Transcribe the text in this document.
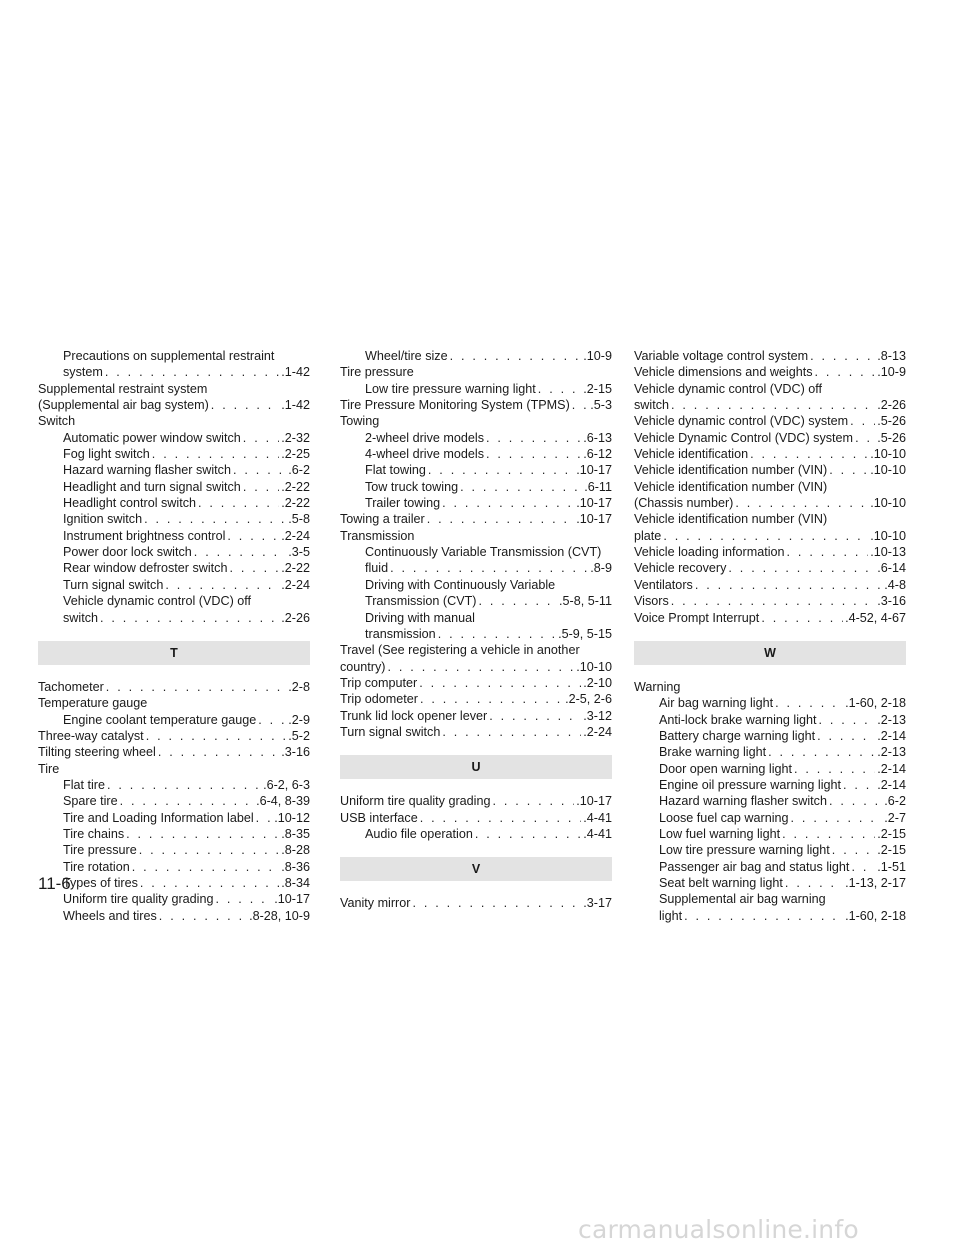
Precautions on supplemental restraint
system . . .	.1-42
Supplemental restraint system
(Supplemental air bag system) . . .	.1-42
Switch
Automatic power window switch . . .	.2-32
Fog light switch . . .	.2-25
Hazard warning flasher switch . . .	.6-2
Headlight and turn signal switch . . .	.2-22
Headlight control switch . . .	.2-22
Ignition switch . . .	.5-8
Instrument brightness control . . .	.2-24
Power door lock switch . . .	.3-5
Rear window defroster switch . . .	.2-22
Turn signal switch . . .	.2-24
Vehicle dynamic control (VDC) off
switch . . .	.2-26
T
Tachometer . . .	.2-8
Temperature gauge
Engine coolant temperature gauge . . .	.2-9
Three-way catalyst . . .	.5-2
Tilting steering wheel . . .	.3-16
Tire
Flat tire . . .	.6-2, 6-3
Spare tire . . .	.6-4, 8-39
Tire and Loading Information label . . . .10-12
Tire chains . . .	.8-35
Tire pressure . . .	.8-28
Tire rotation . . .	.8-36
Types of tires . . .	.8-34
Uniform tire quality grading . . .	.10-17
Wheels and tires . . .	.8-28, 10-9
Wheel/tire size . . .	.10-9
Tire pressure
Low tire pressure warning light . . .	.2-15
Tire Pressure Monitoring System (TPMS) . . . .5-3
Towing
2-wheel drive models . . .	.6-13
4-wheel drive models . . .	.6-12
Flat towing . . .	.10-17
Tow truck towing . . .	.6-11
Trailer towing . . .	.10-17
Towing a trailer . . .	.10-17
Transmission
Continuously Variable Transmission (CVT)
fluid . . .	.8-9
Driving with Continuously Variable
Transmission (CVT) . . .	.5-8, 5-11
Driving with manual
transmission . . .	.5-9, 5-15
Travel (See registering a vehicle in another
country) . . .	.10-10
Trip computer . . .	.2-10
Trip odometer . . .	.2-5, 2-6
Trunk lid lock opener lever . . .	.3-12
Turn signal switch . . .	.2-24
U
Uniform tire quality grading . . .	.10-17
USB interface . . .	.4-41
Audio file operation . . .	.4-41
V
Vanity mirror . . .	.3-17
Variable voltage control system . . .	.8-13
Vehicle dimensions and weights . . .	.10-9
Vehicle dynamic control (VDC) off
switch . . .	.2-26
Vehicle dynamic control (VDC) system . . . .5-26
Vehicle Dynamic Control (VDC) system . . . .5-26
Vehicle identification . . .	.10-10
Vehicle identification number (VIN) . . .	.10-10
Vehicle identification number (VIN)
(Chassis number) . . .	.10-10
Vehicle identification number (VIN)
plate . . .	.10-10
Vehicle loading information . . .	.10-13
Vehicle recovery . . .	.6-14
Ventilators . . .	.4-8
Visors . . .	.3-16
Voice Prompt Interrupt . . .	.4-52, 4-67
W
Warning
Air bag warning light . . .	.1-60, 2-18
Anti-lock brake warning light . . .	.2-13
Battery charge warning light . . .	.2-14
Brake warning light . . .	.2-13
Door open warning light . . .	.2-14
Engine oil pressure warning light . . .	.2-14
Hazard warning flasher switch . . .	.6-2
Loose fuel cap warning . . .	.2-7
Low fuel warning light . . .	.2-15
Low tire pressure warning light . . .	.2-15
Passenger air bag and status light . . . .1-51
Seat belt warning light . . .	.1-13, 2-17
Supplemental air bag warning
light . . .	.1-60, 2-18
11-6
carmanualsonline.info
